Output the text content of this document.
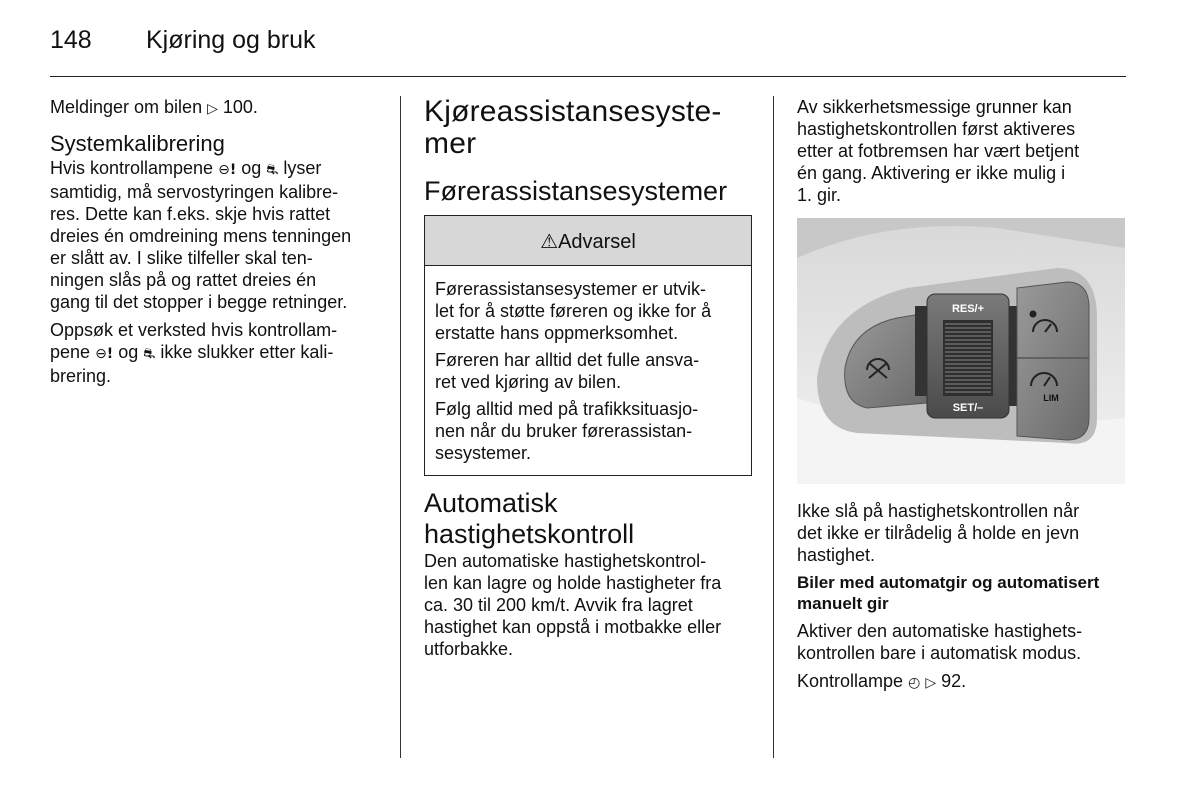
148 Kjøring og bruk

Meldinger om bilen ▷ 100.

Systemkalibrering

Hvis kontrollampene ⊖! og ⛐ lyser
samtidig, må servostyringen kalibre-
res. Dette kan f.eks. skje hvis rattet
dreies én omdreining mens tenningen
er slått av. I slike tilfeller skal ten-
ningen slås på og rattet dreies én
gang til det stopper i begge retninger.

Oppsøk et verksted hvis kontrollam-
pene ⊖! og ⛐ ikke slukker etter kali-
brering.

Kjøreassistansesyste-
mer
Førerassistansesystemer
⚠Advarsel

Førerassistansesystemer er utvik-
let for å støtte føreren og ikke for å
erstatte hans oppmerksomhet.

Føreren har alltid det fulle ansva-
ret ved kjøring av bilen.

Følg alltid med på trafikksituasjo-
nen når du bruker førerassistan-
sesystemer.

Automatisk
hastighetskontroll

Den automatiske hastighetskontrol-
len kan lagre og holde hastigheter fra
ca. 30 til 200 km/t. Avvik fra lagret
hastighet kan oppstå i motbakke eller
utforbakke.

Av sikkerhetsmessige grunner kan
hastighetskontrollen først aktiveres
etter at fotbremsen har vært betjent
én gang. Aktivering er ikke mulig i
1. gir.

RES/+
SET/–
LIM

Ikke slå på hastighetskontrollen når
det ikke er tilrådelig å holde en jevn
hastighet.

Biler med automatgir og automatisert
manuelt gir

Aktiver den automatiske hastighets-
kontrollen bare i automatisk modus.

Kontrollampe ◴ ▷ 92.
